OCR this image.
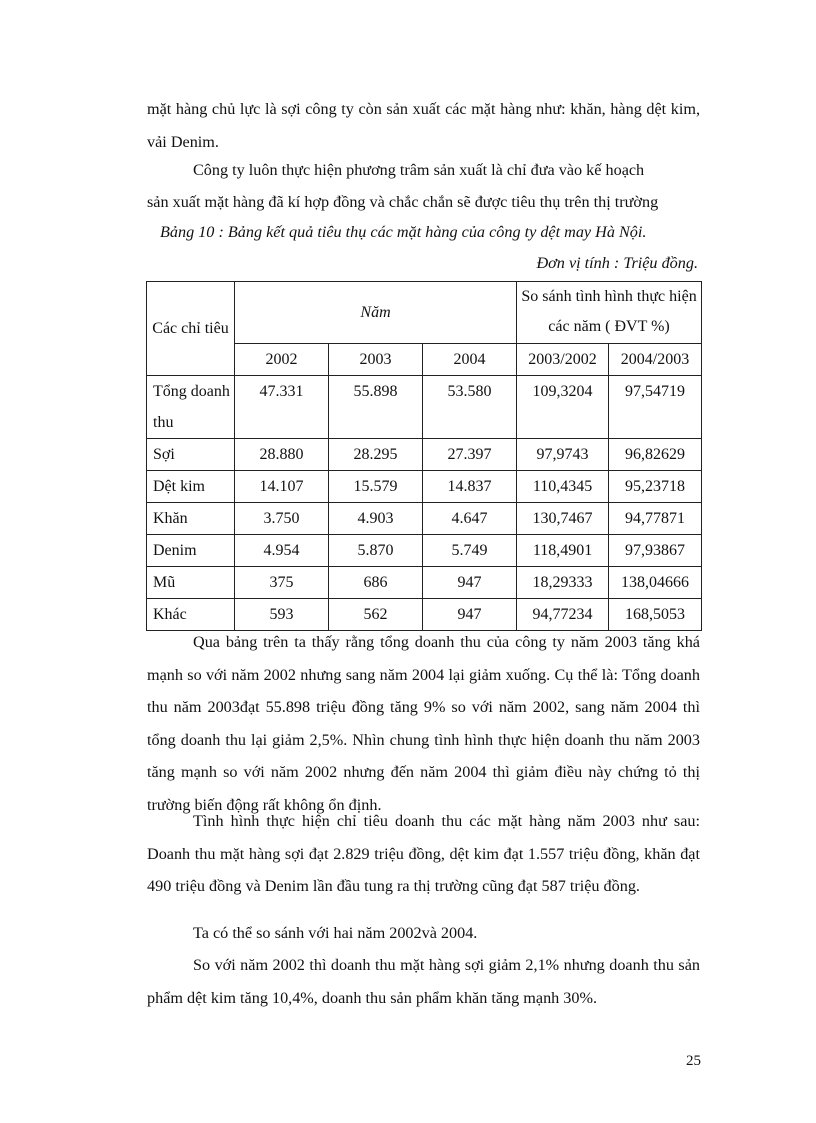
mặt hàng chủ lực là sợi công ty còn sản xuất các mặt hàng như: khăn, hàng dệt kim, vải Denim.

Công ty luôn thực hiện phương trâm sản xuất là chỉ đưa vào kế hoạch

sản xuất mặt hàng đã kí hợp đồng và chắc chắn sẽ được tiêu thụ trên thị trường

Bảng 10 : Bảng kết quả tiêu thụ các mặt hàng của công ty dệt may Hà Nội.
Đơn vị tính : Triệu đồng.
Các chỉ tiêu	Năm			So sánh tình hình thực hiện các năm ( ĐVT %)	
	2002	2003	2004	2003/2002	2004/2003
Tổng doanh thu	47.331	55.898	53.580	109,3204	97,54719
Sợi	28.880	28.295	27.397	97,9743	96,82629
Dệt kim	14.107	15.579	14.837	110,4345	95,23718
Khăn	3.750	4.903	4.647	130,7467	94,77871
Denim	4.954	5.870	5.749	118,4901	97,93867
Mũ	375	686	947	18,29333	138,04666
Khác	593	562	947	94,77234	168,5053

Qua bảng trên ta thấy rằng tổng doanh thu của công ty năm 2003 tăng khá mạnh so với năm 2002 nhưng sang năm 2004 lại giảm xuống. Cụ thể là: Tổng doanh thu năm 2003đạt 55.898 triệu đồng tăng 9% so với năm 2002, sang năm 2004 thì tổng doanh thu lại giảm 2,5%. Nhìn chung tình hình thực hiện doanh thu năm 2003 tăng mạnh so với năm 2002 nhưng đến năm 2004 thì giảm điều này chứng tỏ thị trường biến động rất không ổn định.

Tình hình thực hiện chỉ tiêu doanh thu các mặt hàng năm 2003 như sau: Doanh thu mặt hàng sợi đạt 2.829 triệu đồng, dệt kim đạt 1.557 triệu đồng, khăn đạt 490 triệu đồng và Denim lần đầu tung ra thị trường cũng đạt 587 triệu đồng.

Ta có thể so sánh với hai năm 2002và 2004.

So với năm 2002 thì doanh thu mặt hàng sợi giảm 2,1% nhưng doanh thu sản phẩm dệt kim tăng 10,4%, doanh thu sản phẩm khăn tăng mạnh 30%.

25
